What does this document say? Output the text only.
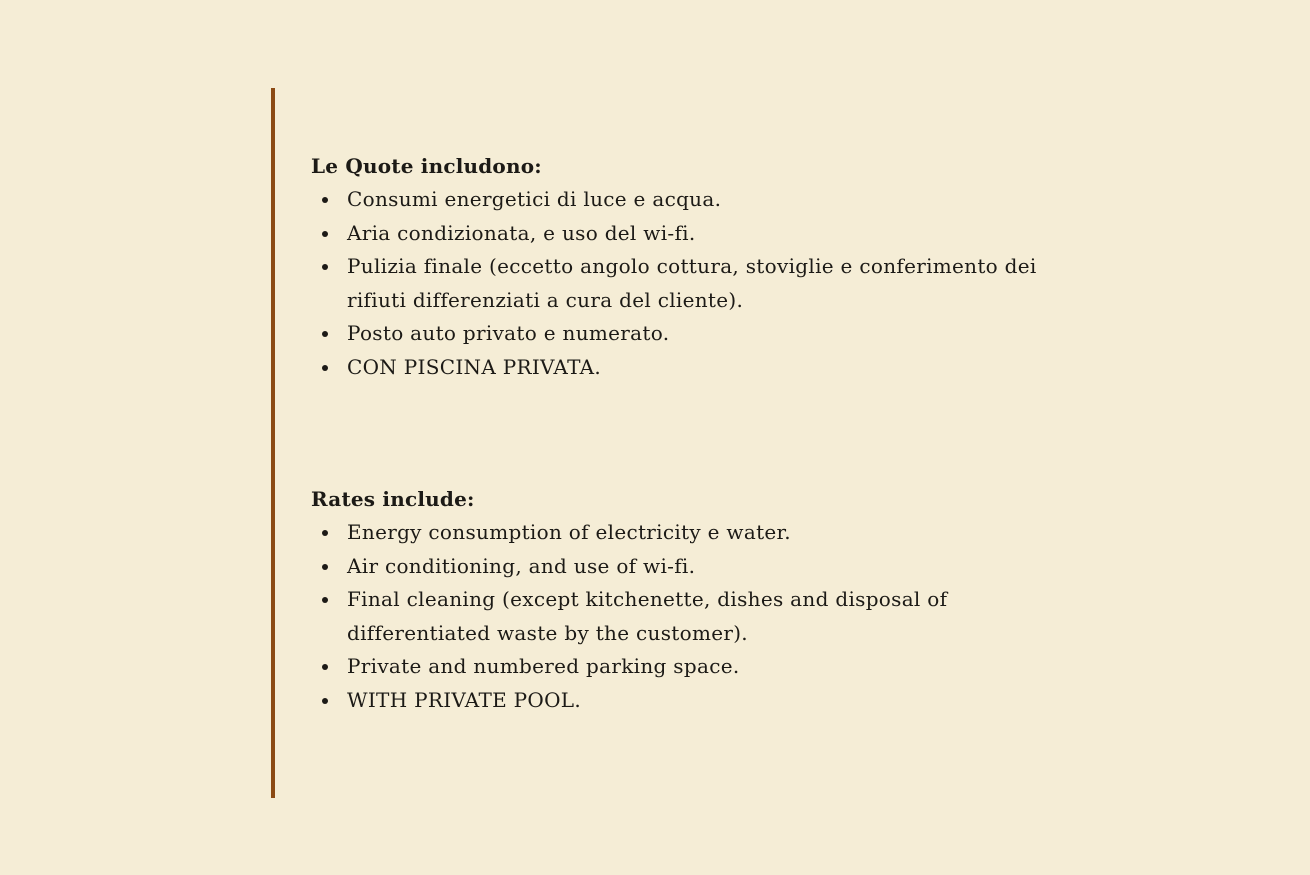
Le Quote includono:
Consumi energetici di luce e acqua.
Aria condizionata, e uso del wi-fi.
Pulizia finale (eccetto angolo cottura, stoviglie e conferimento dei rifiuti differenziati a cura del cliente).
Posto auto privato e numerato.
CON PISCINA PRIVATA.
Rates include:
Energy consumption of electricity e water.
Air conditioning, and use of wi-fi.
Final cleaning (except kitchenette, dishes and disposal of differentiated waste by the customer).
Private and numbered parking space.
WITH PRIVATE POOL.
